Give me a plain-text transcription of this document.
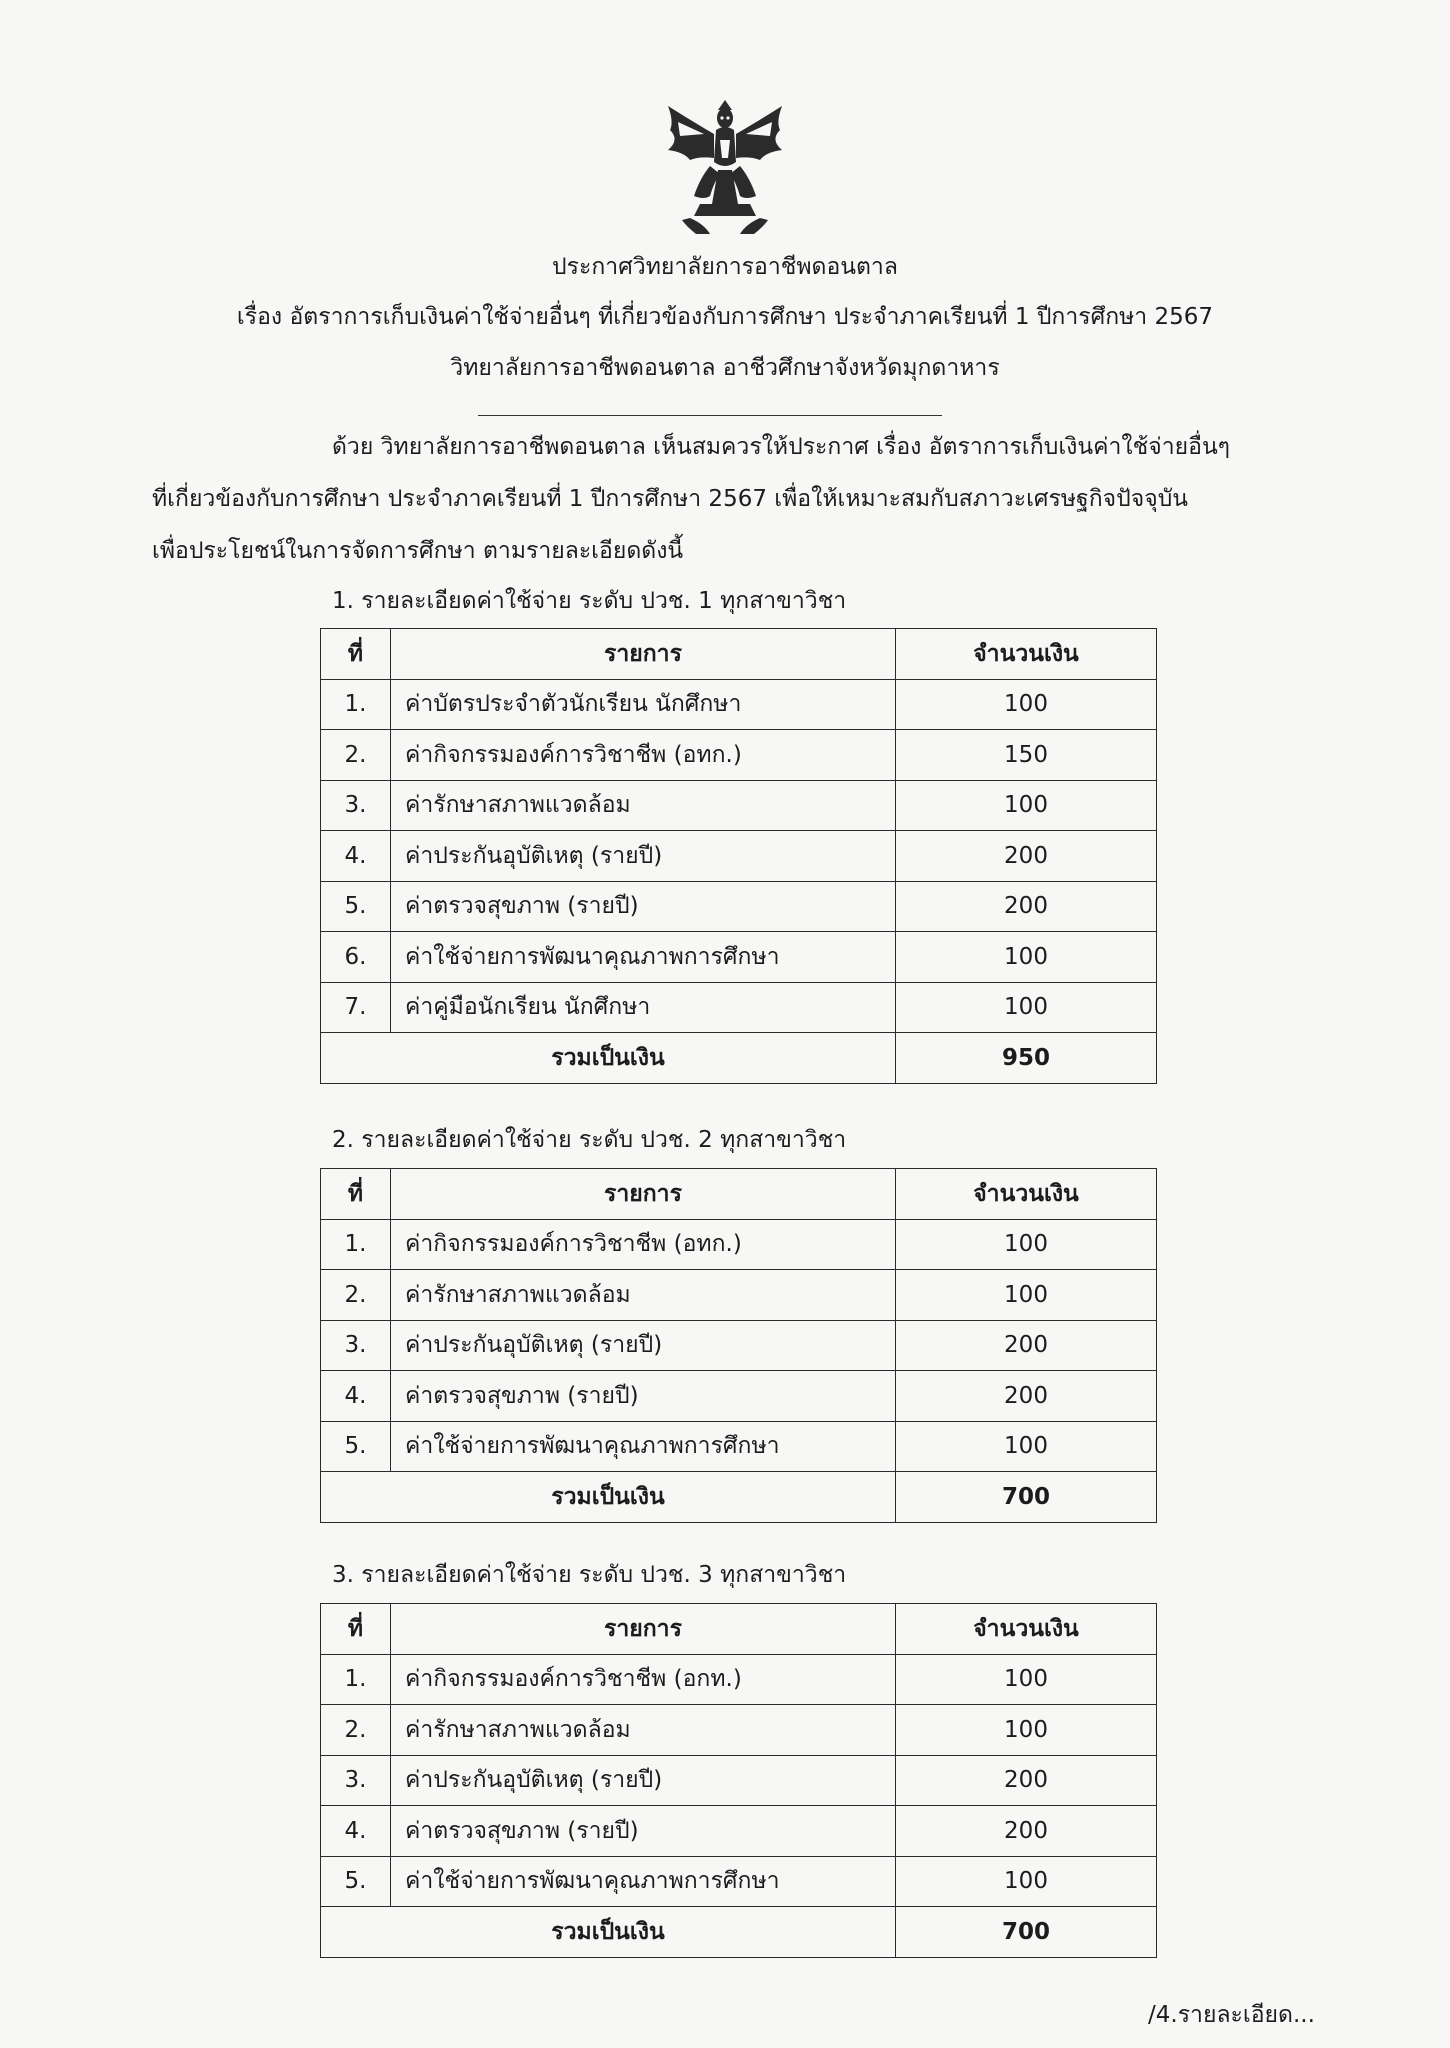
ประกาศวิทยาลัยการอาชีพดอนตาล
เรื่อง อัตราการเก็บเงินค่าใช้จ่ายอื่นๆ ที่เกี่ยวข้องกับการศึกษา ประจำภาคเรียนที่ 1 ปีการศึกษา 2567
วิทยาลัยการอาชีพดอนตาล อาชีวศึกษาจังหวัดมุกดาหาร
ด้วย วิทยาลัยการอาชีพดอนตาล เห็นสมควรให้ประกาศ เรื่อง อัตราการเก็บเงินค่าใช้จ่ายอื่นๆ
ที่เกี่ยวข้องกับการศึกษา ประจำภาคเรียนที่ 1 ปีการศึกษา 2567 เพื่อให้เหมาะสมกับสภาวะเศรษฐกิจปัจจุบัน
เพื่อประโยชน์ในการจัดการศึกษา ตามรายละเอียดดังนี้
1. รายละเอียดค่าใช้จ่าย ระดับ ปวช. 1 ทุกสาขาวิชา
ที่	รายการ	จำนวนเงิน
1.	ค่าบัตรประจำตัวนักเรียน นักศึกษา	100
2.	ค่ากิจกรรมองค์การวิชาชีพ (อทก.)	150
3.	ค่ารักษาสภาพแวดล้อม	100
4.	ค่าประกันอุบัติเหตุ (รายปี)	200
5.	ค่าตรวจสุขภาพ (รายปี)	200
6.	ค่าใช้จ่ายการพัฒนาคุณภาพการศึกษา	100
7.	ค่าคู่มือนักเรียน นักศึกษา	100
รวมเป็นเงิน		950
2. รายละเอียดค่าใช้จ่าย ระดับ ปวช. 2 ทุกสาขาวิชา
ที่	รายการ	จำนวนเงิน
1.	ค่ากิจกรรมองค์การวิชาชีพ (อทก.)	100
2.	ค่ารักษาสภาพแวดล้อม	100
3.	ค่าประกันอุบัติเหตุ (รายปี)	200
4.	ค่าตรวจสุขภาพ (รายปี)	200
5.	ค่าใช้จ่ายการพัฒนาคุณภาพการศึกษา	100
รวมเป็นเงิน		700
3. รายละเอียดค่าใช้จ่าย ระดับ ปวช. 3 ทุกสาขาวิชา
ที่	รายการ	จำนวนเงิน
1.	ค่ากิจกรรมองค์การวิชาชีพ (อกท.)	100
2.	ค่ารักษาสภาพแวดล้อม	100
3.	ค่าประกันอุบัติเหตุ (รายปี)	200
4.	ค่าตรวจสุขภาพ (รายปี)	200
5.	ค่าใช้จ่ายการพัฒนาคุณภาพการศึกษา	100
รวมเป็นเงิน		700
/4.รายละเอียด...
